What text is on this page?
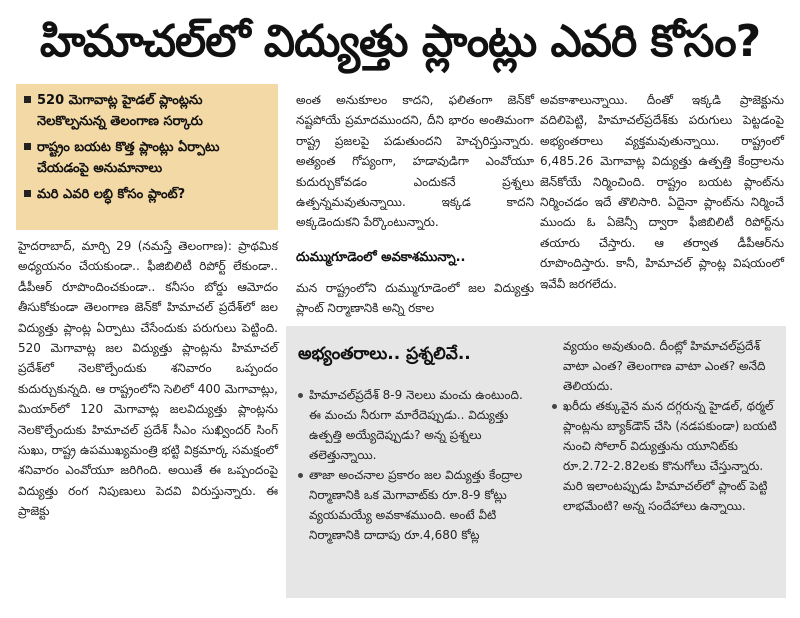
హిమాచల్‌లో విద్యుత్తు ప్లాంట్లు ఎవరి కోసం?
520 మెగావాట్ల హైడల్ ప్లాంట్లను నెలకొల్పనున్న తెలంగాణ సర్కారు
రాష్ట్రం బయట కొత్త ప్లాంట్లు ఏర్పాటు చేయడంపై అనుమానాలు
మరి ఎవరి లబ్ధి కోసం ప్లాంట్?

హైదరాబాద్, మార్చి 29 (నమస్తే తెలంగాణ): ప్రాథమిక అధ్యయనం చేయకుండా.. ఫీజిబిలిటీ రిపోర్ట్ లేకుండా.. డీపీఆర్ రూపొందించకుండా.. కనీసం బోర్డు ఆమోదం తీసుకోకుండా తెలంగాణ జెన్‌కో హిమాచల్ ప్రదేశ్‌లో జల విద్యుత్తు ప్లాంట్ల ఏర్పాటు చేసేందుకు పరుగులు పెట్టింది. 520 మెగావాట్ల జల విద్యుత్తు ప్లాంట్లను హిమాచల్ ప్రదేశ్‌లో నెలకొల్పేందుకు శనివారం ఒప్పందం కుదుర్చుకున్నది. ఆ రాష్ట్రంలోని సెలిలో 400 మెగావాట్లు, మియార్‌లో 120 మెగావాట్ల జలవిద్యుత్తు ప్లాంట్లను నెలకొల్పేందుకు హిమాచల్ ప్రదేశ్ సీఎం సుఖ్విందర్ సింగ్ సుఖు, రాష్ట్ర ఉపముఖ్యమంత్రి భట్టి విక్రమార్క సమక్షంలో శనివారం ఎంవోయూ జరిగింది. అయితే ఈ ఒప్పందంపై విద్యుత్తు రంగ నిపుణులు పెదవి విరుస్తున్నారు. ఈ ప్రాజెక్టు

అంత అనుకూలం కాదని, ఫలితంగా జెన్‌కో నష్టపోయే ప్రమాదముందని, దీని భారం అంతిమంగా రాష్ట్ర ప్రజలపై పడుతుందని హెచ్చరిస్తున్నారు. అత్యంత గోప్యంగా, హడావుడిగా ఎంవోయూ కుదుర్చుకోవడం ఎందుకనే ప్రశ్నలు ఉత్పన్నమవుతున్నాయి. ఇక్కడ కాదని అక్కడెందుకని పేర్కొంటున్నారు.

దుమ్ముగూడెంలో అవకాశమున్నా..

మన రాష్ట్రంలోని దుమ్ముగూడెంలో జల విద్యుత్తు ప్లాంట్ నిర్మాణానికి అన్ని రకాల

అవకాశాలున్నాయి. దీంతో ఇక్కడి ప్రాజెక్టును వదిలిపెట్టి, హిమాచల్‌ప్రదేశ్‌కు పరుగులు పెట్టడంపై అభ్యంతరాలు వ్యక్తమవుతున్నాయి. రాష్ట్రంలో 6,485.26 మెగావాట్ల విద్యుత్తు ఉత్పత్తి కేంద్రాలను జెన్‌కోయే నిర్మించింది. రాష్ట్రం బయట ప్లాంట్‌ను నిర్మించడం ఇదే తొలిసారి. ఏదైనా ప్లాంట్‌ను నిర్మించే ముందు ఓ ఏజెన్సీ ద్వారా ఫీజిబిలిటీ రిపోర్ట్‌ను తయారు చేస్తారు. ఆ తర్వాత డీపీఆర్‌ను రూపొందిస్తారు. కానీ, హిమాచల్ ప్లాంట్ల విషయంలో ఇవేవీ జరగలేదు.

అభ్యంతరాలు.. ప్రశ్నలివే..
హిమాచల్‌ప్రదేశ్ 8-9 నెలలు మంచు ఉంటుంది. ఈ మంచు నీరుగా మారేదెప్పుడు.. విద్యుత్తు ఉత్పత్తి అయ్యేదెప్పుడు? అన్న ప్రశ్నలు తలెత్తున్నాయి.
తాజా అంచనాల ప్రకారం జల విద్యుత్తు కేంద్రాల నిర్మాణానికి ఒక మెగావాట్‌కు రూ.8-9 కోట్లు వ్యయమయ్యే అవకాశముంది. అంటే వీటి నిర్మాణానికి దాదాపు రూ.4,680 కోట్ల
వ్యయం అవుతుంది. దీంట్లో హిమాచల్‌ప్రదేశ్ వాటా ఎంత? తెలంగాణ వాటా ఎంత? అనేది తెలియదు.
ఖరీదు తక్కువైన మన దగ్గరున్న హైడల్, థర్మల్ ప్లాంట్లను బ్యాక్‌డౌన్ చేసి (నడపకుండా) బయటి నుంచి సోలార్ విద్యుత్తును యూనిట్‌కు రూ.2.72-2.82లకు కొనుగోలు చేస్తున్నారు. మరి ఇలాంటప్పుడు హిమాచల్‌లో ప్లాంట్ పెట్టి లాభమేంటి? అన్న సందేహాలు ఉన్నాయి.
